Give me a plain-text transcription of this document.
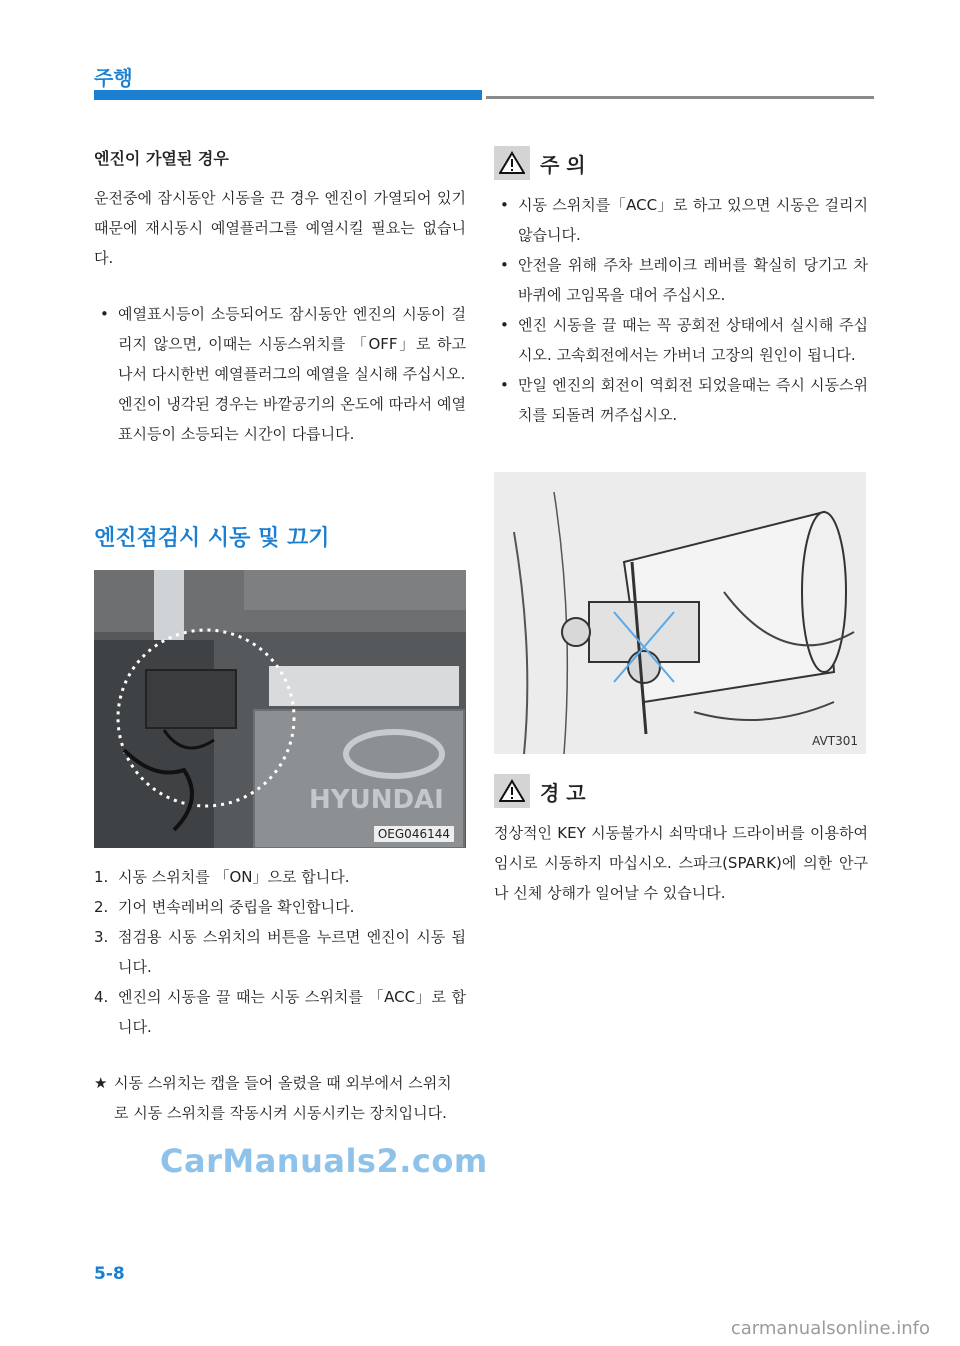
주행
엔진이 가열된 경우

운전중에 잠시동안 시동을 끈 경우 엔진이 가열되어 있기 때문에 재시동시 예열플러그를 예열시킬 필요는 없습니다.

• 예열표시등이 소등되어도 잠시동안 엔진의 시동이 걸리지 않으면, 이때는 시동스위치를 「OFF」로 하고나서 다시한번 예열플러그의 예열을 실시해 주십시오.
엔진이 냉각된 경우는 바깥공기의 온도에 따라서 예열표시등이 소등되는 시간이 다릅니다.
엔진점검시 시동 및 끄기
HYUNDAI
OEG046144
1. 시동 스위치를 「ON」으로 합니다.
2. 기어 변속레버의 중립을 확인합니다.
3. 점검용 시동 스위치의 버튼을 누르면 엔진이 시동 됩니다.
4. 엔진의 시동을 끌 때는 시동 스위치를 「ACC」로 합니다.
★ 시동 스위치는 캡을 들어 올렸을 때 외부에서 스위치로 시동 스위치를 작동시켜 시동시키는 장치입니다.
주 의
• 시동 스위치를「ACC」로 하고 있으면 시동은 걸리지 않습니다.
• 안전을 위해 주차 브레이크 레버를 확실히 당기고 차 바퀴에 고임목을 대어 주십시오.
• 엔진 시동을 끌 때는 꼭 공회전 상태에서 실시해 주십시오. 고속회전에서는 가버너 고장의 원인이 됩니다.
• 만일 엔진의 회전이 역회전 되었을때는 즉시 시동스위치를 되돌려 꺼주십시오.
AVT301
경 고

정상적인 KEY 시동불가시 쇠막대나 드라이버를 이용하여 임시로 시동하지 마십시오. 스파크(SPARK)에 의한 안구나 신체 상해가 일어날 수 있습니다.

CarManuals2.com
5-8
carmanualsonline.info
